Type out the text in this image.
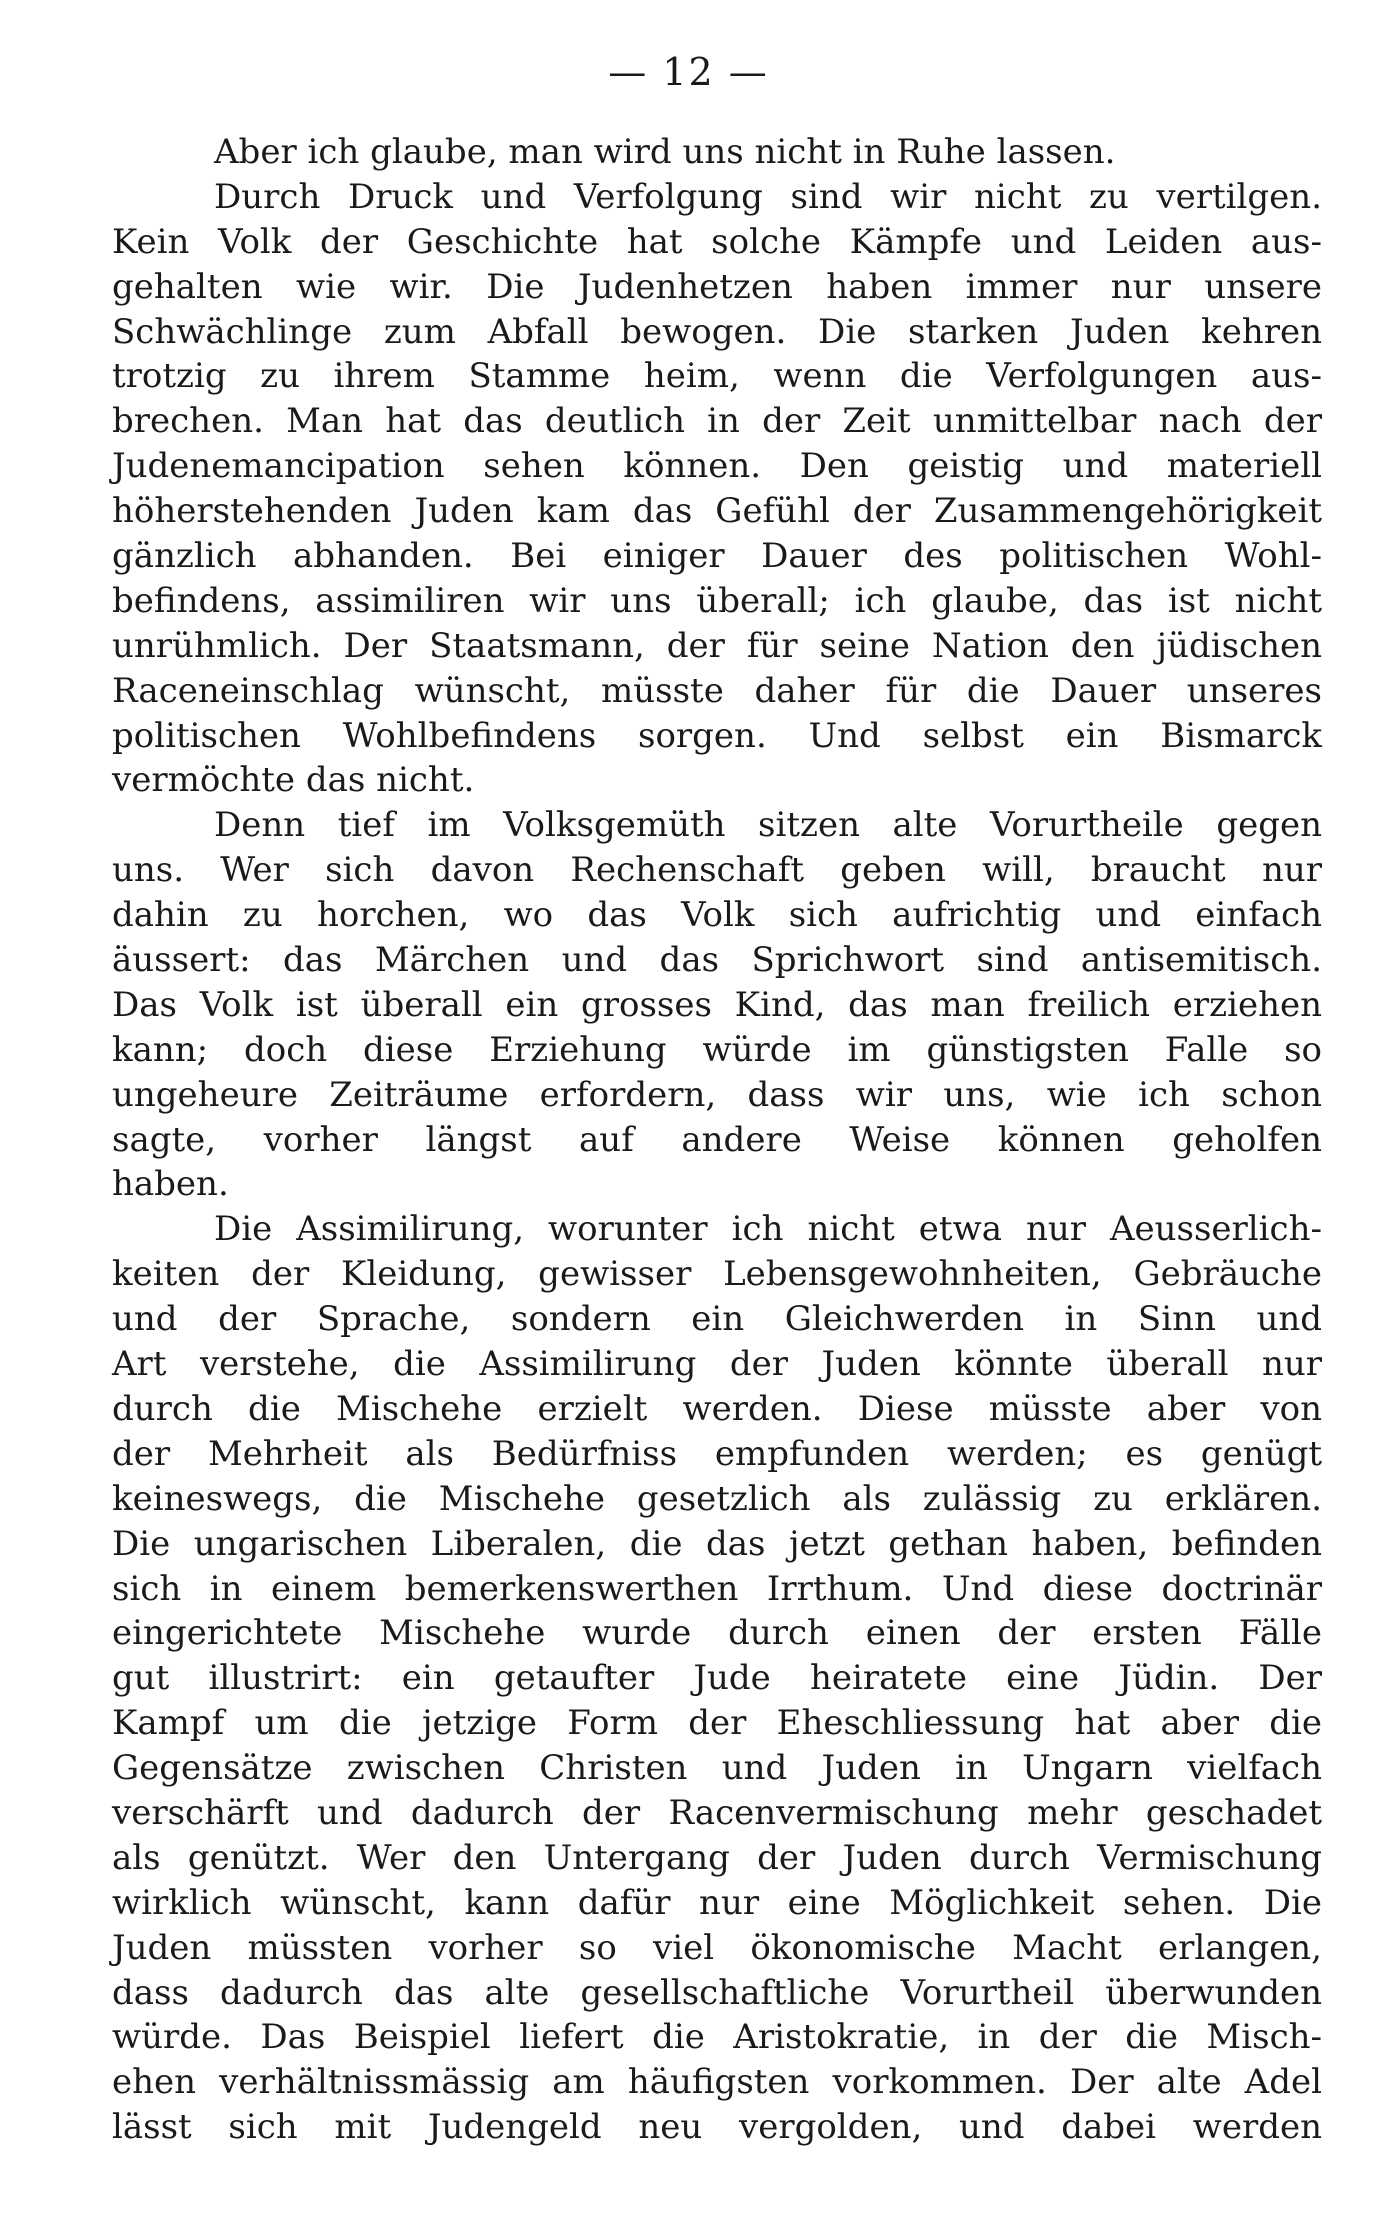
— 12 —
Aber ich glaube, man wird uns nicht in Ruhe lassen.
Durch Druck und Verfolgung sind wir nicht zu vertilgen.
Kein Volk der Geschichte hat solche Kämpfe und Leiden aus-
gehalten wie wir. Die Judenhetzen haben immer nur unsere
Schwächlinge zum Abfall bewogen. Die starken Juden kehren
trotzig zu ihrem Stamme heim, wenn die Verfolgungen aus-
brechen. Man hat das deutlich in der Zeit unmittelbar nach der
Judenemancipation sehen können. Den geistig und materiell
höherstehenden Juden kam das Gefühl der Zusammengehörigkeit
gänzlich abhanden. Bei einiger Dauer des politischen Wohl-
befindens, assimiliren wir uns überall; ich glaube, das ist nicht
unrühmlich. Der Staatsmann, der für seine Nation den jüdischen
Raceneinschlag wünscht, müsste daher für die Dauer unseres
politischen Wohlbefindens sorgen. Und selbst ein Bismarck
vermöchte das nicht.
Denn tief im Volksgemüth sitzen alte Vorurtheile gegen
uns. Wer sich davon Rechenschaft geben will, braucht nur
dahin zu horchen, wo das Volk sich aufrichtig und einfach
äussert: das Märchen und das Sprichwort sind antisemitisch.
Das Volk ist überall ein grosses Kind, das man freilich erziehen
kann; doch diese Erziehung würde im günstigsten Falle so
ungeheure Zeiträume erfordern, dass wir uns, wie ich schon
sagte, vorher längst auf andere Weise können geholfen
haben.
Die Assimilirung, worunter ich nicht etwa nur Aeusserlich-
keiten der Kleidung, gewisser Lebensgewohnheiten, Gebräuche
und der Sprache, sondern ein Gleichwerden in Sinn und
Art verstehe, die Assimilirung der Juden könnte überall nur
durch die Mischehe erzielt werden. Diese müsste aber von
der Mehrheit als Bedürfniss empfunden werden; es genügt
keineswegs, die Mischehe gesetzlich als zulässig zu erklären.
Die ungarischen Liberalen, die das jetzt gethan haben, befinden
sich in einem bemerkenswerthen Irrthum. Und diese doctrinär
eingerichtete Mischehe wurde durch einen der ersten Fälle
gut illustrirt: ein getaufter Jude heiratete eine Jüdin. Der
Kampf um die jetzige Form der Eheschliessung hat aber die
Gegensätze zwischen Christen und Juden in Ungarn vielfach
verschärft und dadurch der Racenvermischung mehr geschadet
als genützt. Wer den Untergang der Juden durch Vermischung
wirklich wünscht, kann dafür nur eine Möglichkeit sehen. Die
Juden müssten vorher so viel ökonomische Macht erlangen,
dass dadurch das alte gesellschaftliche Vorurtheil überwunden
würde. Das Beispiel liefert die Aristokratie, in der die Misch-
ehen verhältnissmässig am häufigsten vorkommen. Der alte Adel
lässt sich mit Judengeld neu vergolden, und dabei werden
